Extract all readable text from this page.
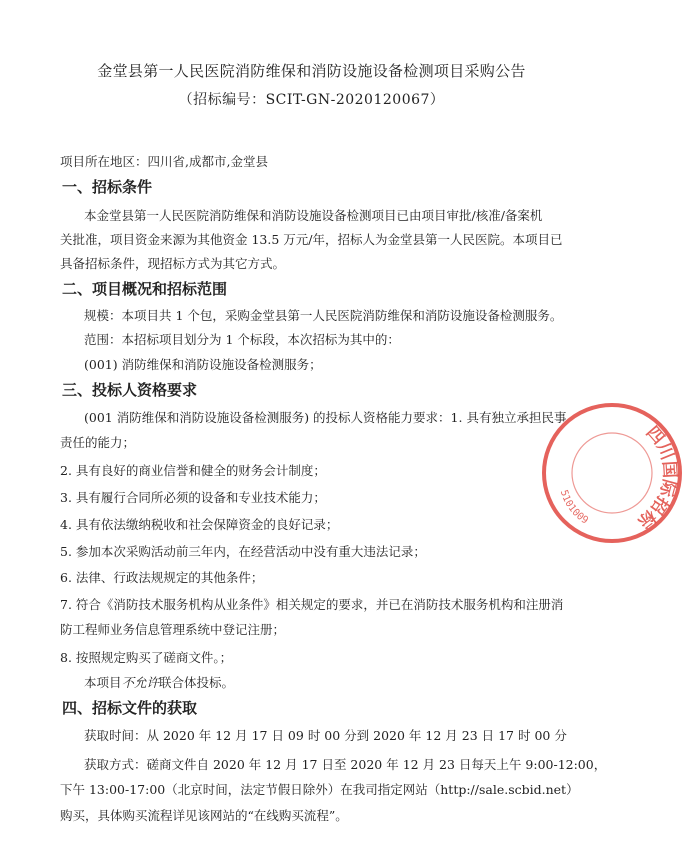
金堂县第一人民医院消防维保和消防设施设备检测项目采购公告
（招标编号：SCIT-GN-2020120067）
项目所在地区：四川省,成都市,金堂县
一、招标条件
本金堂县第一人民医院消防维保和消防设施设备检测项目已由项目审批/核准/备案机
关批准，项目资金来源为其他资金 13.5 万元/年，招标人为金堂县第一人民医院。本项目已
具备招标条件，现招标方式为其它方式。
二、项目概况和招标范围
规模：本项目共 1 个包，采购金堂县第一人民医院消防维保和消防设施设备检测服务。
范围：本招标项目划分为 1 个标段，本次招标为其中的：
(001) 消防维保和消防设施设备检测服务；
三、投标人资格要求
(001 消防维保和消防设施设备检测服务) 的投标人资格能力要求：1. 具有独立承担民事
责任的能力；
2. 具有良好的商业信誉和健全的财务会计制度；
3. 具有履行合同所必须的设备和专业技术能力；
4. 具有依法缴纳税收和社会保障资金的良好记录；
5. 参加本次采购活动前三年内，在经营活动中没有重大违法记录；
6. 法律、行政法规规定的其他条件；
7. 符合《消防技术服务机构从业条件》相关规定的要求，并已在消防技术服务机构和注册消
防工程师业务信息管理系统中登记注册；
8. 按照规定购买了磋商文件。；
本项目不允许联合体投标。
四、招标文件的获取
获取时间：从 2020 年 12 月 17 日 09 时 00 分到 2020 年 12 月 23 日 17 时 00 分
获取方式：磋商文件自 2020 年 12 月 17 日至 2020 年 12 月 23 日每天上午 9:00-12:00，
下午 13:00-17:00（北京时间，法定节假日除外）在我司指定网站（http://sale.scbid.net）
购买，具体购买流程详见该网站的“在线购买流程”。
四川国际招标
5101009
